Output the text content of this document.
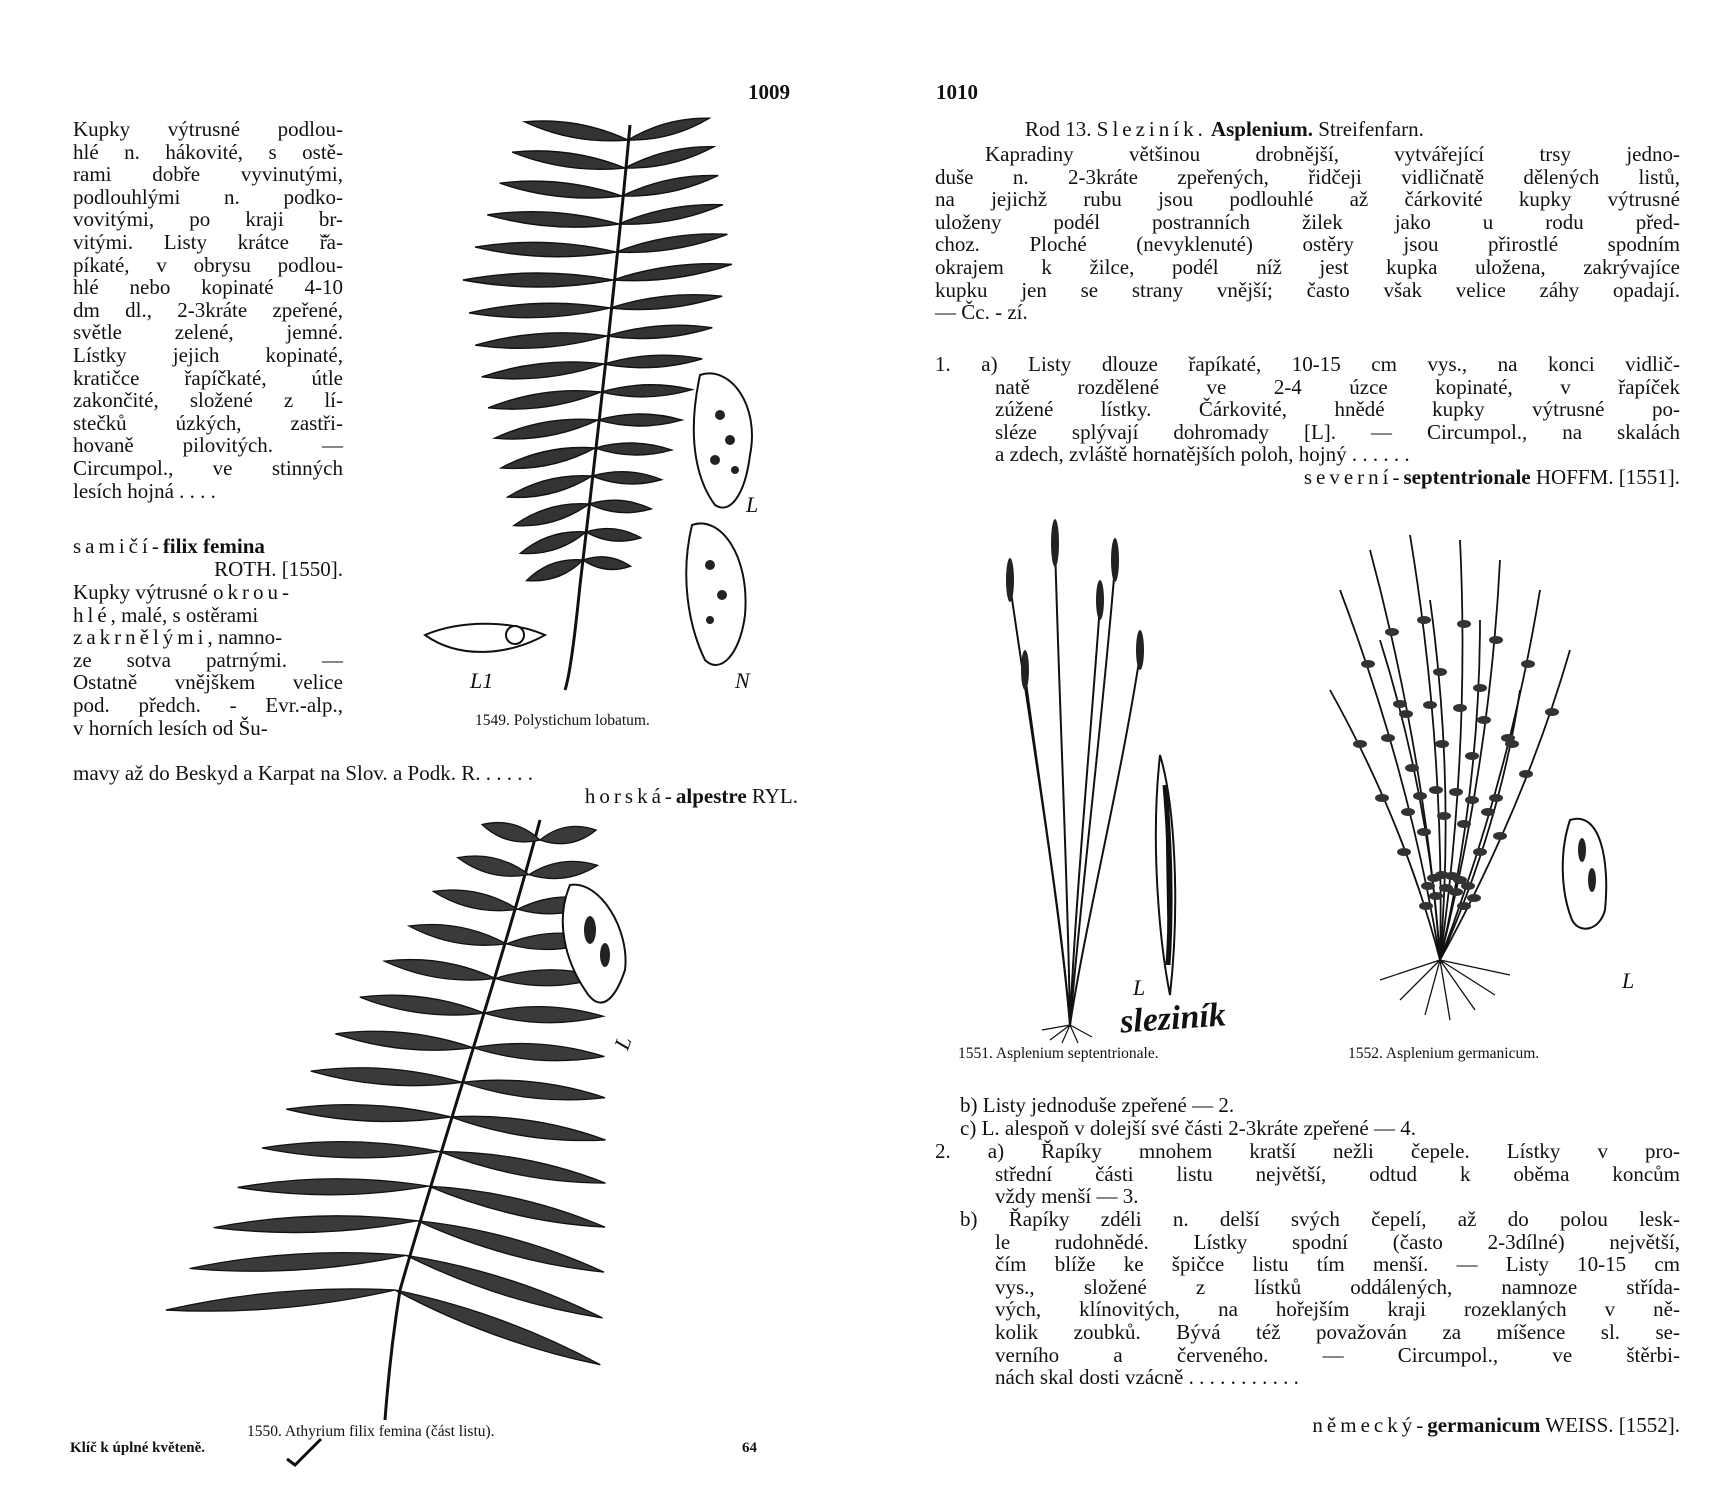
1009
Kupky výtrusné podlou-
hlé n. hákovité, s ostě-
rami dobře vyvinutými,
podlouhlými n. podko-
vovitými, po kraji br-
vitými. Listy krátce ř̌a-
píkaté, v obrysu podlou-
hlé nebo kopinaté 4-10
dm dl., 2-3kráte zpeřené,
světle zelené, jemné.
Lístky jejich kopinaté,
kratičce řapíčkaté, útle
zakončité, složené z lí-
stečků úzkých, zastři-
hovaně pilovitých. —
Circumpol., ve stinných
lesích hojná . . . .
samičí-filix femina
ROTH. [1550].
Kupky výtrusné okrou-
hlé, malé, s ostěrami
zakrnělými, namno-
ze sotva patrnými. —
Ostatně vnějškem velice
pod. předch. - Evr.-alp.,
v horních lesích od Šu-
mavy až do Beskyd a Karpat na Slov. a Podk. R. . . . . .
horská-alpestre RYL.
L
N
L1
1549. Polystichum lobatum.
L
1550. Athyrium filix femina (část listu).
Klíč k úplné květeně.	64
1010
Rod 13. Sleziník. Asplenium. Streifenfarn.
Kapradiny většinou drobnější, vytvářející trsy jedno-
duše n. 2-3kráte zpeřených, řidčeji vidličnatě dělených listů,
na jejichž rubu jsou podlouhlé až čárkovité kupky výtrusné
uloženy podél postranních žilek jako u rodu před-
choz. Ploché (nevyklenuté) ostěry jsou přirostlé spodním
okrajem k žilce, podél níž jest kupka uložena, zakrývajíce
kupku jen se strany vnější; často však velice záhy opadají.
— Čc. - zí.
1. a) Listy dlouze řapíkaté, 10-15 cm vys., na konci vidlič-
natě rozdělené ve 2-4 úzce kopinaté, v řapíček
zúžené lístky. Čárkovité, hnědé kupky výtrusné po-
sléze splývají dohromady [L]. — Circumpol., na skalách
a zdech, zvláště hornatějších poloh, hojný . . . . . .
severní-septentrionale HOFFM. [1551].
L
sleziník
1551. Asplenium septentrionale.
L
1552. Asplenium germanicum.
b) Listy jednoduše zpeřené — 2.
c) L. alespoň v dolejší své části 2-3kráte zpeřené — 4.
2. a) Řapíky mnohem kratší nežli čepele. Lístky v pro-
střední části listu největší, odtud k oběma koncům
vždy menší — 3.
b) Řapíky zdéli n. delší svých čepelí, až do polou lesk-
le rudohnědé. Lístky spodní (často 2-3dílné) největší,
čím blíže ke špičce listu tím menší. — Listy 10-15 cm
vys., složené z lístků oddálených, namnoze střída-
vých, klínovitých, na hořejším kraji rozeklaných v ně-
kolik zoubků. Bývá též považován za míšence sl. se-
verního a červeného. — Circumpol., ve štěrbi-
nách skal dosti vzácně . . . . . . . . . . .
německý-germanicum WEISS. [1552].
